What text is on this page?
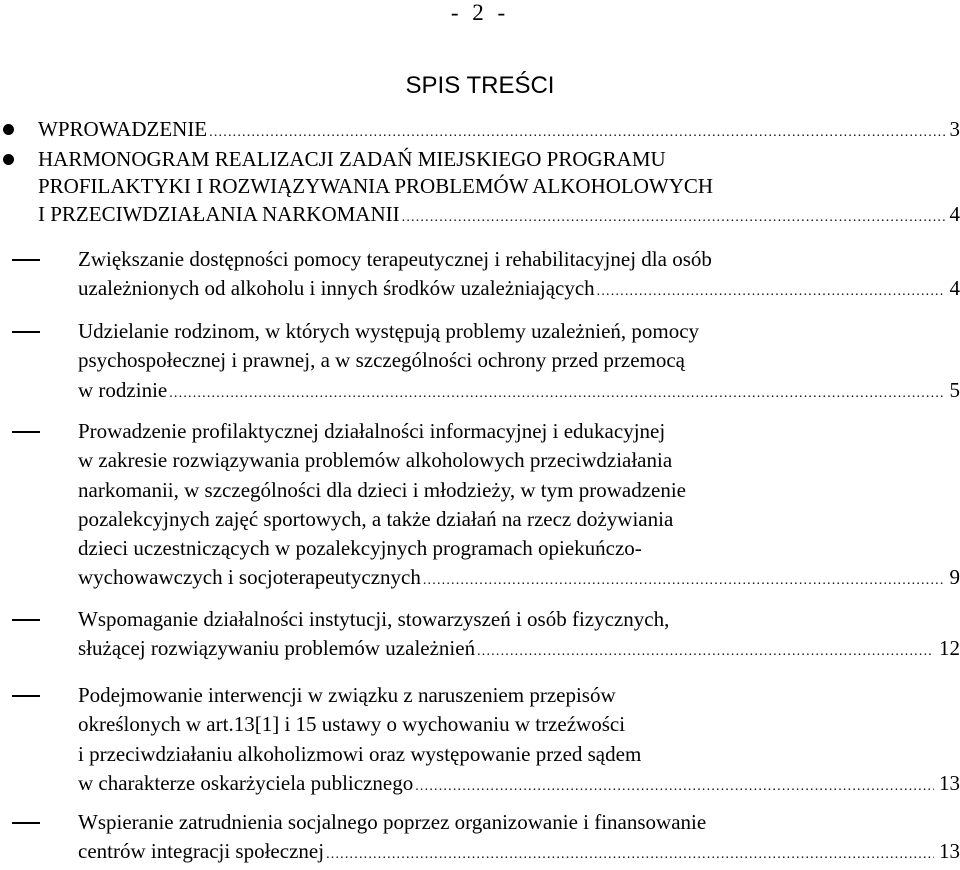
- 2 -
SPIS TREŚCI
WPROWADZENIE .....	3
HARMONOGRAM REALIZACJI ZADAŃ MIEJSKIEGO PROGRAMU
PROFILAKTYKI I ROZWIĄZYWANIA PROBLEMÓW ALKOHOLOWYCH
I PRZECIWDZIAŁANIA NARKOMANII .....	4
Zwiększanie dostępności pomocy terapeutycznej i rehabilitacyjnej dla osób
uzależnionych od alkoholu i innych środków uzależniających .....	4
Udzielanie rodzinom, w których występują problemy uzależnień, pomocy
psychospołecznej i prawnej, a w szczególności ochrony przed przemocą
w rodzinie .....	5
Prowadzenie profilaktycznej działalności informacyjnej i edukacyjnej
w zakresie rozwiązywania problemów alkoholowych przeciwdziałania
narkomanii, w szczególności dla dzieci i młodzieży, w tym prowadzenie
pozalekcyjnych zajęć sportowych, a także działań na rzecz dożywiania
dzieci uczestniczących w pozalekcyjnych programach opiekuńczo-
wychowawczych i socjoterapeutycznych .....	9
Wspomaganie działalności instytucji, stowarzyszeń i osób fizycznych,
służącej rozwiązywaniu problemów uzależnień .....	12
Podejmowanie interwencji w związku z naruszeniem przepisów
określonych w art.13[1] i 15 ustawy o wychowaniu w trzeźwości
i przeciwdziałaniu alkoholizmowi oraz występowanie przed sądem
w charakterze oskarżyciela publicznego .....	13
Wspieranie zatrudnienia socjalnego poprzez organizowanie i finansowanie
centrów integracji społecznej .....	13
